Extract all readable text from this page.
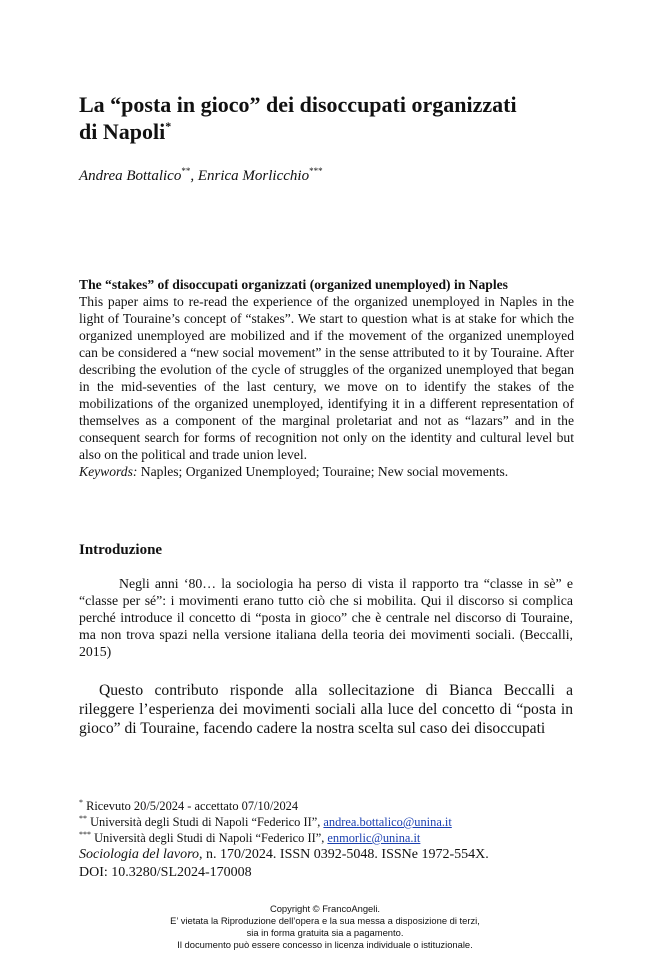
La “posta in gioco” dei disoccupati organizzati
di Napoli*
Andrea Bottalico**, Enrica Morlicchio***
The “stakes” of disoccupati organizzati (organized unemployed) in Naples
This paper aims to re-read the experience of the organized unemployed in Naples in the light of Touraine’s concept of “stakes”. We start to question what is at stake for which the organized unemployed are mobilized and if the movement of the organized unemployed can be considered a “new social movement” in the sense attributed to it by Touraine. After describing the evolution of the cycle of struggles of the organized unemployed that began in the mid-seventies of the last century, we move on to identify the stakes of the mobilizations of the organized unemployed, identifying it in a different representation of themselves as a component of the marginal proletariat and not as “lazars” and in the consequent search for forms of recognition not only on the identity and cultural level but also on the political and trade union level.
Keywords: Naples; Organized Unemployed; Touraine; New social movements.
Introduzione

Negli anni ‘80… la sociologia ha perso di vista il rapporto tra “classe in sè” e “classe per sé”: i movimenti erano tutto ciò che si mobilita. Qui il discorso si complica perché introduce il concetto di “posta in gioco” che è centrale nel discorso di Touraine, ma non trova spazi nella versione italiana della teoria dei movimenti sociali. (Beccalli, 2015)

Questo contributo risponde alla sollecitazione di Bianca Beccalli a rileggere l’esperienza dei movimenti sociali alla luce del concetto di “posta in gioco” di Touraine, facendo cadere la nostra scelta sul caso dei disoccupati

* Ricevuto 20/5/2024 - accettato 07/10/2024
** Università degli Studi di Napoli “Federico II”, andrea.bottalico@unina.it
*** Università degli Studi di Napoli “Federico II”, enmorlic@unina.it
Sociologia del lavoro, n. 170/2024. ISSN 0392-5048. ISSNe 1972-554X.
DOI: 10.3280/SL2024-170008
Copyright © FrancoAngeli.
E’ vietata la Riproduzione dell’opera e la sua messa a disposizione di terzi,
sia in forma gratuita sia a pagamento.
Il documento può essere concesso in licenza individuale o istituzionale.
